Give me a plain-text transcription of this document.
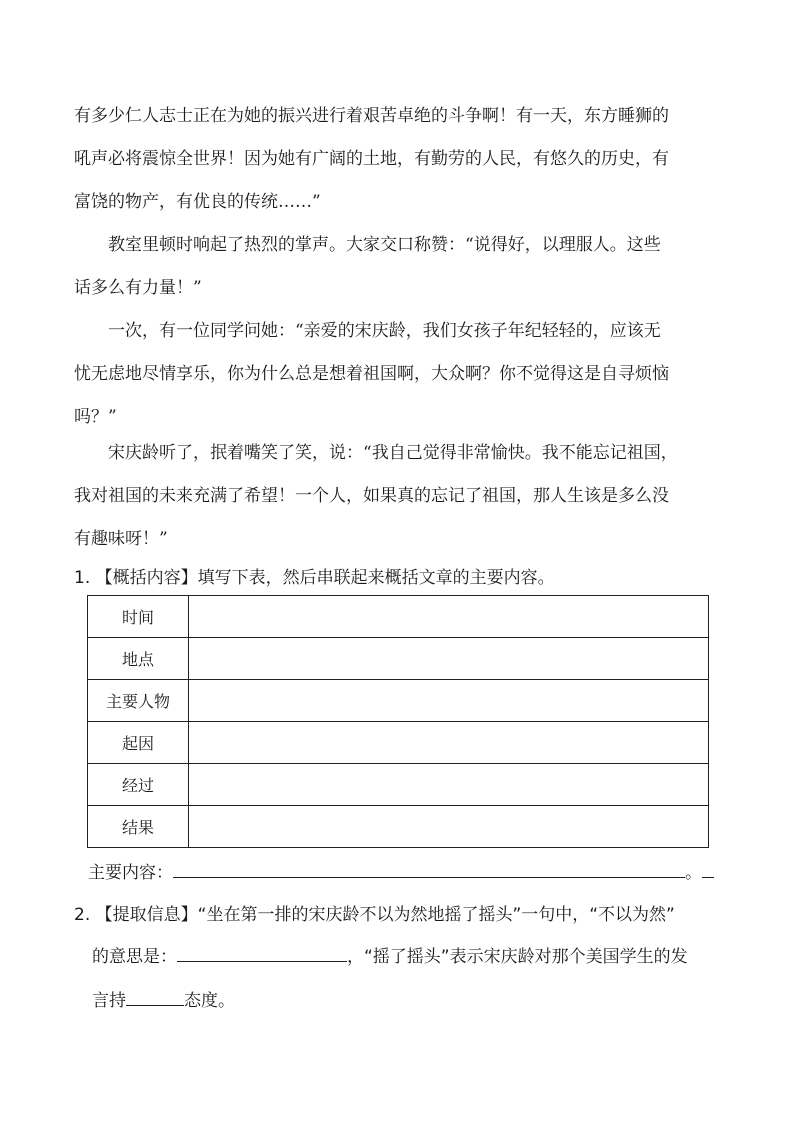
有多少仁人志士正在为她的振兴进行着艰苦卓绝的斗争啊！有一天，东方睡狮的
吼声必将震惊全世界！因为她有广阔的土地，有勤劳的人民，有悠久的历史，有
富饶的物产，有优良的传统……”
教室里顿时响起了热烈的掌声。大家交口称赞：“说得好，以理服人。这些
话多么有力量！”
一次，有一位同学问她：“亲爱的宋庆龄，我们女孩子年纪轻轻的，应该无
忧无虑地尽情享乐，你为什么总是想着祖国啊，大众啊？你不觉得这是自寻烦恼
吗？”
宋庆龄听了，抿着嘴笑了笑，说：“我自己觉得非常愉快。我不能忘记祖国，
我对祖国的未来充满了希望！一个人，如果真的忘记了祖国，那人生该是多么没
有趣味呀！”
1. 【概括内容】填写下表，然后串联起来概括文章的主要内容。
时间	
地点	
主要人物	
起因	
经过	
结果	
主要内容：	。
2. 【提取信息】“坐在第一排的宋庆龄不以为然地摇了摇头”一句中，“不以为然”
的意思是：	，“摇了摇头”表示宋庆龄对那个美国学生的发
言持	态度。
